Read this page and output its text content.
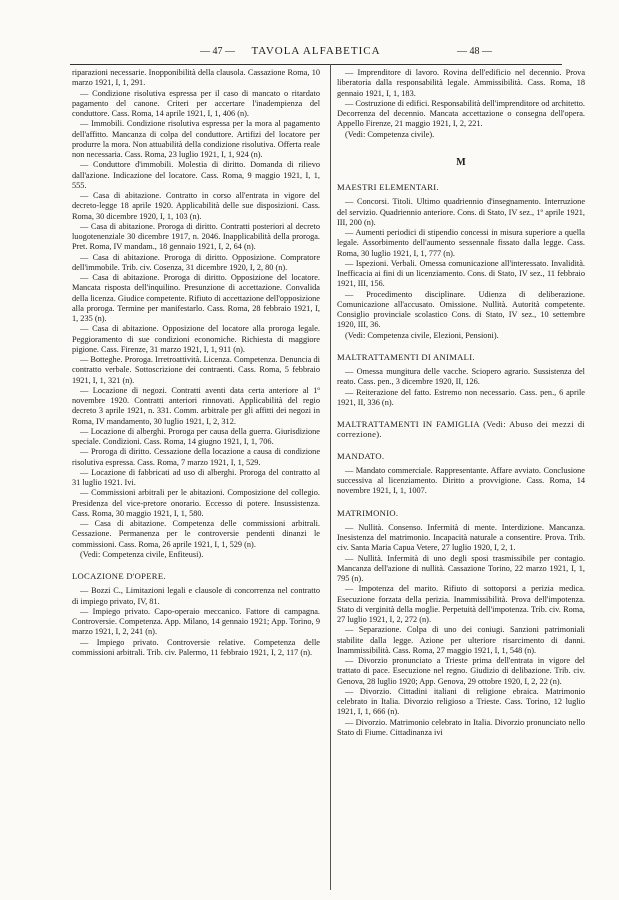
— 47 —	TAVOLA ALFABETICA	— 48 —

riparazioni necessarie. Inopponibilità della clausola. Cassazione Roma, 10 marzo 1921, I, 1, 291.

— Condizione risolutiva espressa per il caso di mancato o ritardato pagamento del canone. Criteri per accertare l'inadempienza del conduttore. Cass. Roma, 14 aprile 1921, I, 1, 406 (n).

— Immobili. Condizione risolutiva espressa per la mora al pagamento dell'affitto. Mancanza di colpa del conduttore. Artifizi del locatore per produrre la mora. Non attuabilità della condizione risolutiva. Offerta reale non necessaria. Cass. Roma, 23 luglio 1921, I, 1, 924 (n).

— Conduttore d'immobili. Molestia di diritto. Domanda di rilievo dall'azione. Indicazione del locatore. Cass. Roma, 9 maggio 1921, I, 1, 555.

— Casa di abitazione. Contratto in corso all'entrata in vigore del decreto-legge 18 aprile 1920. Applicabilità delle sue disposizioni. Cass. Roma, 30 dicembre 1920, I, 1, 103 (n).

— Casa di abitazione. Proroga di diritto. Contratti posteriori al decreto luogotenenziale 30 dicembre 1917, n. 2046. Inapplicabilità della proroga. Pret. Roma, IV mandam., 18 gennaio 1921, I, 2, 64 (n).

— Casa di abitazione. Proroga di diritto. Opposizione. Compratore dell'immobile. Trib. civ. Cosenza, 31 dicembre 1920, I, 2, 80 (n).

— Casa di abitazione. Proroga di diritto. Opposizione del locatore. Mancata risposta dell'inquilino. Presunzione di accettazione. Convalida della licenza. Giudice competente. Rifiuto di accettazione dell'opposizione alla proroga. Termine per manifestarlo. Cass. Roma, 28 febbraio 1921, I, 1, 235 (n).

— Casa di abitazione. Opposizione del locatore alla proroga legale. Peggioramento di sue condizioni economiche. Richiesta di maggiore pigione. Cass. Firenze, 31 marzo 1921, I, 1, 911 (n).

— Botteghe. Proroga. Irretroattività. Licenza. Competenza. Denuncia di contratto verbale. Sottoscrizione dei contraenti. Cass. Roma, 5 febbraio 1921, I, 1, 321 (n).

— Locazione di negozi. Contratti aventi data certa anteriore al 1º novembre 1920. Contratti anteriori rinnovati. Applicabilità del regio decreto 3 aprile 1921, n. 331. Comm. arbitrale per gli affitti dei negozi in Roma, IV mandamento, 30 luglio 1921, I, 2, 312.

— Locazione di alberghi. Proroga per causa della guerra. Giurisdizione speciale. Condizioni. Cass. Roma, 14 giugno 1921, I, 1, 706.

— Proroga di diritto. Cessazione della locazione a causa di condizione risolutiva espressa. Cass. Roma, 7 marzo 1921, I, 1, 529.

— Locazione di fabbricati ad uso di alberghi. Proroga del contratto al 31 luglio 1921. Ivi.

— Commissioni arbitrali per le abitazioni. Composizione del collegio. Presidenza del vice-pretore onorario. Eccesso di potere. Insussistenza. Cass. Roma, 30 maggio 1921, I, 1, 580.

— Casa di abitazione. Competenza delle commissioni arbitrali. Cessazione. Permanenza per le controversie pendenti dinanzi le commissioni. Cass. Roma, 26 aprile 1921, I, 1, 529 (n).

(Vedi: Competenza civile, Enfiteusi).

LOCAZIONE D'OPERE.

— Bozzi C., Limitazioni legali e clausole di concorrenza nel contratto di impiego privato, IV, 81.

— Impiego privato. Capo-operaio meccanico. Fattore di campagna. Controversie. Competenza. App. Milano, 14 gennaio 1921; App. Torino, 9 marzo 1921, I, 2, 241 (n).

— Impiego privato. Controversie relative. Competenza delle commissioni arbitrali. Trib. civ. Palermo, 11 febbraio 1921, I, 2, 117 (n).

— Imprenditore di lavoro. Rovina dell'edificio nel decennio. Prova liberatoria dalla responsabilità legale. Ammissibilità. Cass. Roma, 18 gennaio 1921, I, 1, 183.

— Costruzione di edifici. Responsabilità dell'imprenditore od architetto. Decorrenza del decennio. Mancata accettazione o consegna dell'opera. Appello Firenze, 21 maggio 1921, I, 2, 221.

(Vedi: Competenza civile).

M

MAESTRI ELEMENTARI.

— Concorsi. Titoli. Ultimo quadriennio d'insegnamento. Interruzione del servizio. Quadriennio anteriore. Cons. di Stato, IV sez., 1º aprile 1921, III, 200 (n).

— Aumenti periodici di stipendio concessi in misura superiore a quella legale. Assorbimento dell'aumento sessennale fissato dalla legge. Cass. Roma, 30 luglio 1921, I, 1, 777 (n).

— Ispezioni. Verbali. Omessa comunicazione all'interessato. Invalidità. Inefficacia ai fini di un licenziamento. Cons. di Stato, IV sez., 11 febbraio 1921, III, 156.

— Procedimento disciplinare. Udienza di deliberazione. Comunicazione all'accusato. Omissione. Nullità. Autorità competente. Consiglio provinciale scolastico Cons. di Stato, IV sez., 10 settembre 1920, III, 36.

(Vedi: Competenza civile, Elezioni, Pensioni).

MALTRATTAMENTI DI ANIMALI.

— Omessa mungitura delle vacche. Sciopero agrario. Sussistenza del reato. Cass. pen., 3 dicembre 1920, II, 126.

— Reiterazione del fatto. Estremo non necessario. Cass. pen., 6 aprile 1921, II, 336 (n).

MALTRATTAMENTI IN FAMIGLIA (Vedi: Abuso dei mezzi di correzione).

MANDATO.

— Mandato commerciale. Rappresentante. Affare avviato. Conclusione successiva al licenziamento. Diritto a provvigione. Cass. Roma, 14 novembre 1921, I, 1, 1007.

MATRIMONIO.

— Nullità. Consenso. Infermità di mente. Interdizione. Mancanza. Inesistenza del matrimonio. Incapacità naturale a consentire. Prova. Trib. civ. Santa Maria Capua Vetere, 27 luglio 1920, I, 2, 1.

— Nullità. Infermità di uno degli sposi trasmissibile per contagio. Mancanza dell'azione di nullità. Cassazione Torino, 22 marzo 1921, I, 1, 795 (n).

— Impotenza del marito. Rifiuto di sottoporsi a perizia medica. Esecuzione forzata della perizia. Inammissibilità. Prova dell'impotenza. Stato di verginità della moglie. Perpetuità dell'impotenza. Trib. civ. Roma, 27 luglio 1921, I, 2, 272 (n).

— Separazione. Colpa di uno dei coniugi. Sanzioni patrimoniali stabilite dalla legge. Azione per ulteriore risarcimento di danni. Inammissibilità. Cass. Roma, 27 maggio 1921, I, 1, 548 (n).

— Divorzio pronunciato a Trieste prima dell'entrata in vigore del trattato di pace. Esecuzione nel regno. Giudizio di delibazione. Trib. civ. Genova, 28 luglio 1920; App. Genova, 29 ottobre 1920, I, 2, 22 (n).

— Divorzio. Cittadini italiani di religione ebraica. Matrimonio celebrato in Italia. Divorzio religioso a Trieste. Cass. Torino, 12 luglio 1921, I, 1, 666 (n).

— Divorzio. Matrimonio celebrato in Italia. Divorzio pronunciato nello Stato di Fiume. Cittadinanza ivi
